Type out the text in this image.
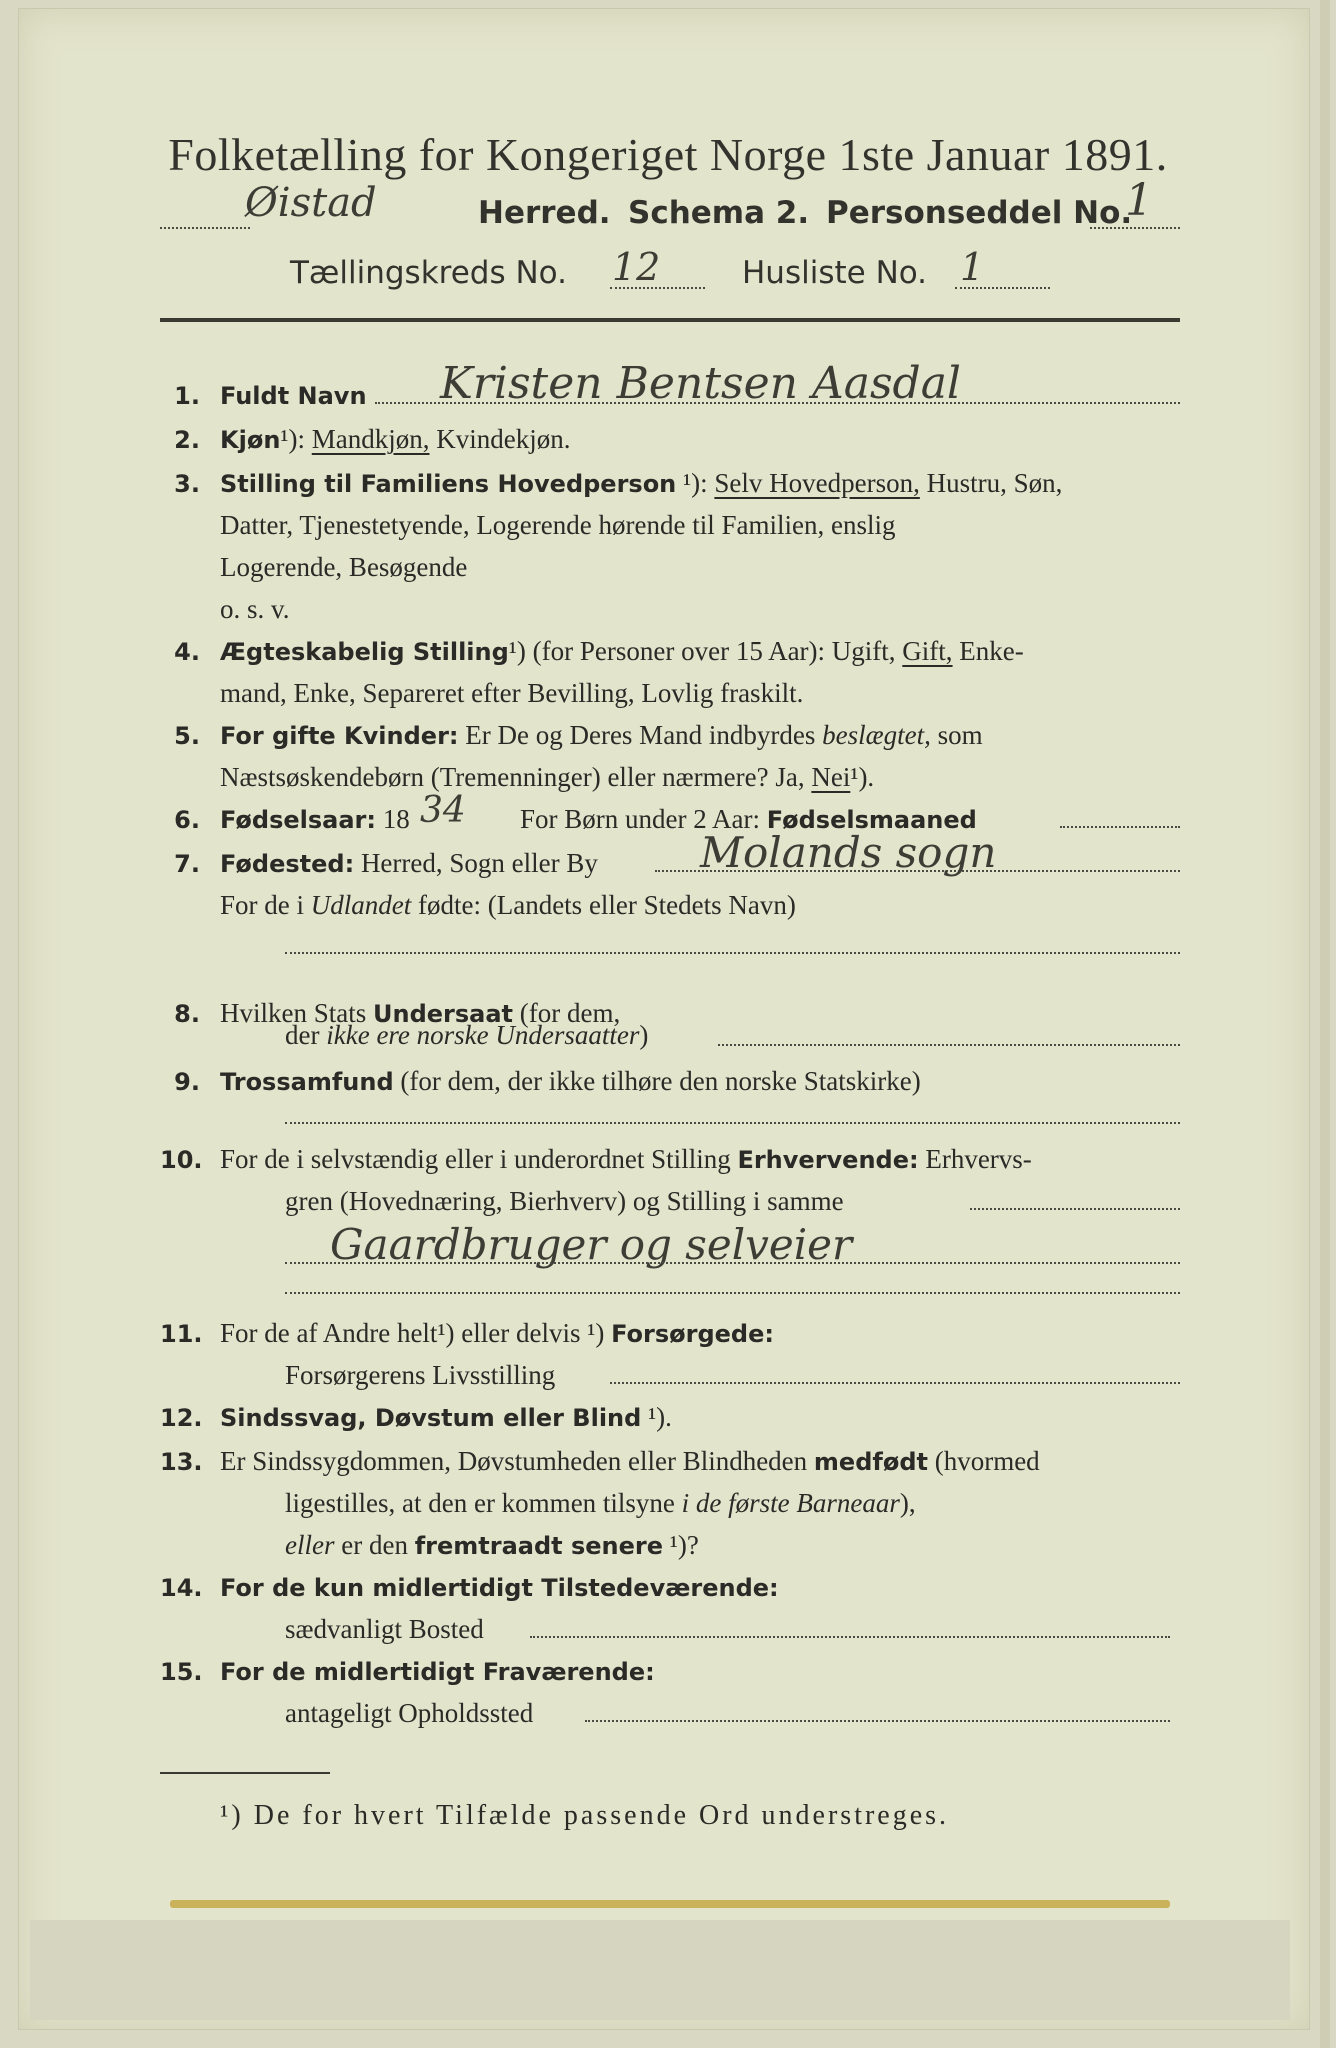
Folketælling for Kongeriget Norge 1ste Januar 1891.
Øistad	Herred. Schema 2. Personseddel No.
1
Tællingskreds No. 12	Husliste No. 1
1. Fuldt Navn Kristen Bentsen Aasdal
2. Kjøn¹): Mandkjøn, Kvindekjøn.
3. Stilling til Familiens Hovedperson ¹): Selv Hovedperson, Hustru, Søn,
Datter, Tjenestetyende, Logerende hørende til Familien, enslig
Logerende, Besøgende
o. s. v.
4. Ægteskabelig Stilling¹) (for Personer over 15 Aar): Ugift, Gift, Enke-
mand, Enke, Separeret efter Bevilling, Lovlig fraskilt.
5. For gifte Kvinder: Er De og Deres Mand indbyrdes beslægtet, som
Næstsøskendebørn (Tremenninger) eller nærmere? Ja, Nei¹).
6. Fødselsaar: 18 34 For Børn under 2 Aar: Fødselsmaaned
7. Fødested: Herred, Sogn eller By Molands sogn
For de i Udlandet fødte: (Landets eller Stedets Navn)
8. Hvilken Stats Undersaat (for dem,
der ikke ere norske Undersaatter)
9. Trossamfund (for dem, der ikke tilhøre den norske Statskirke)
10. For de i selvstændig eller i underordnet Stilling Erhvervende: Erhvervs-
gren (Hovednæring, Bierhverv) og Stilling i samme
Gaardbruger og selveier
11. For de af Andre helt¹) eller delvis ¹) Forsørgede:
Forsørgerens Livsstilling
12. Sindssvag, Døvstum eller Blind ¹).
13. Er Sindssygdommen, Døvstumheden eller Blindheden medfødt (hvormed
ligestilles, at den er kommen tilsyne i de første Barneaar),
eller er den fremtraadt senere ¹)?
14. For de kun midlertidigt Tilstedeværende:
sædvanligt Bosted
15. For de midlertidigt Fraværende:
antageligt Opholdssted
¹) De for hvert Tilfælde passende Ord understreges.
